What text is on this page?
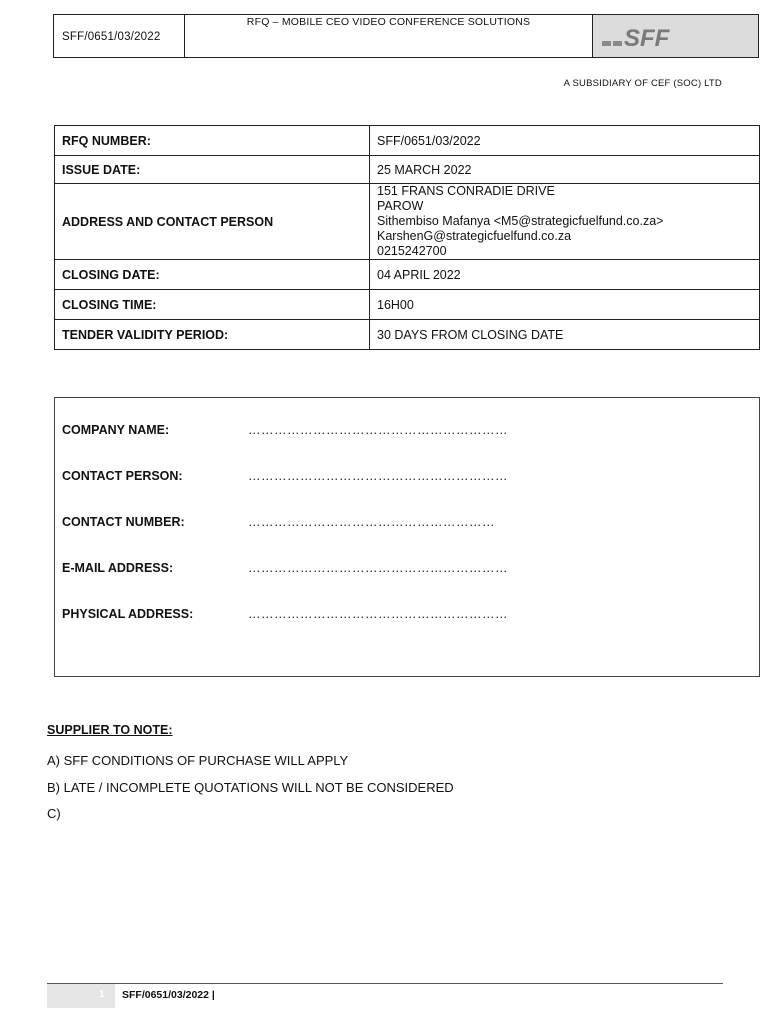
SFF/0651/03/2022
RFQ – MOBILE CEO VIDEO CONFERENCE SOLUTIONS
SFF
A SUBSIDIARY OF CEF (SOC) LTD
RFQ NUMBER:	SFF/0651/03/2022
ISSUE DATE:	25 MARCH 2022
ADDRESS AND CONTACT PERSON	151 FRANS CONRADIE DRIVE
PAROW
Sithembiso Mafanya <M5@strategicfuelfund.co.za>
KarshenG@strategicfuelfund.co.za
0215242700

CLOSING DATE:	04 APRIL 2022
CLOSING TIME:	16H00
TENDER VALIDITY PERIOD:	30 DAYS FROM CLOSING DATE
COMPANY NAME:	……………………………………………………
CONTACT PERSON:	……………………………………………………
CONTACT NUMBER:	…………………………………………………
E-MAIL ADDRESS:	……………………………………………………
PHYSICAL ADDRESS:	……………………………………………………
SUPPLIER TO NOTE:
A) SFF CONDITIONS OF PURCHASE WILL APPLY
B) LATE / INCOMPLETE QUOTATIONS WILL NOT BE CONSIDERED
C)
1 SFF/0651/03/2022 |
